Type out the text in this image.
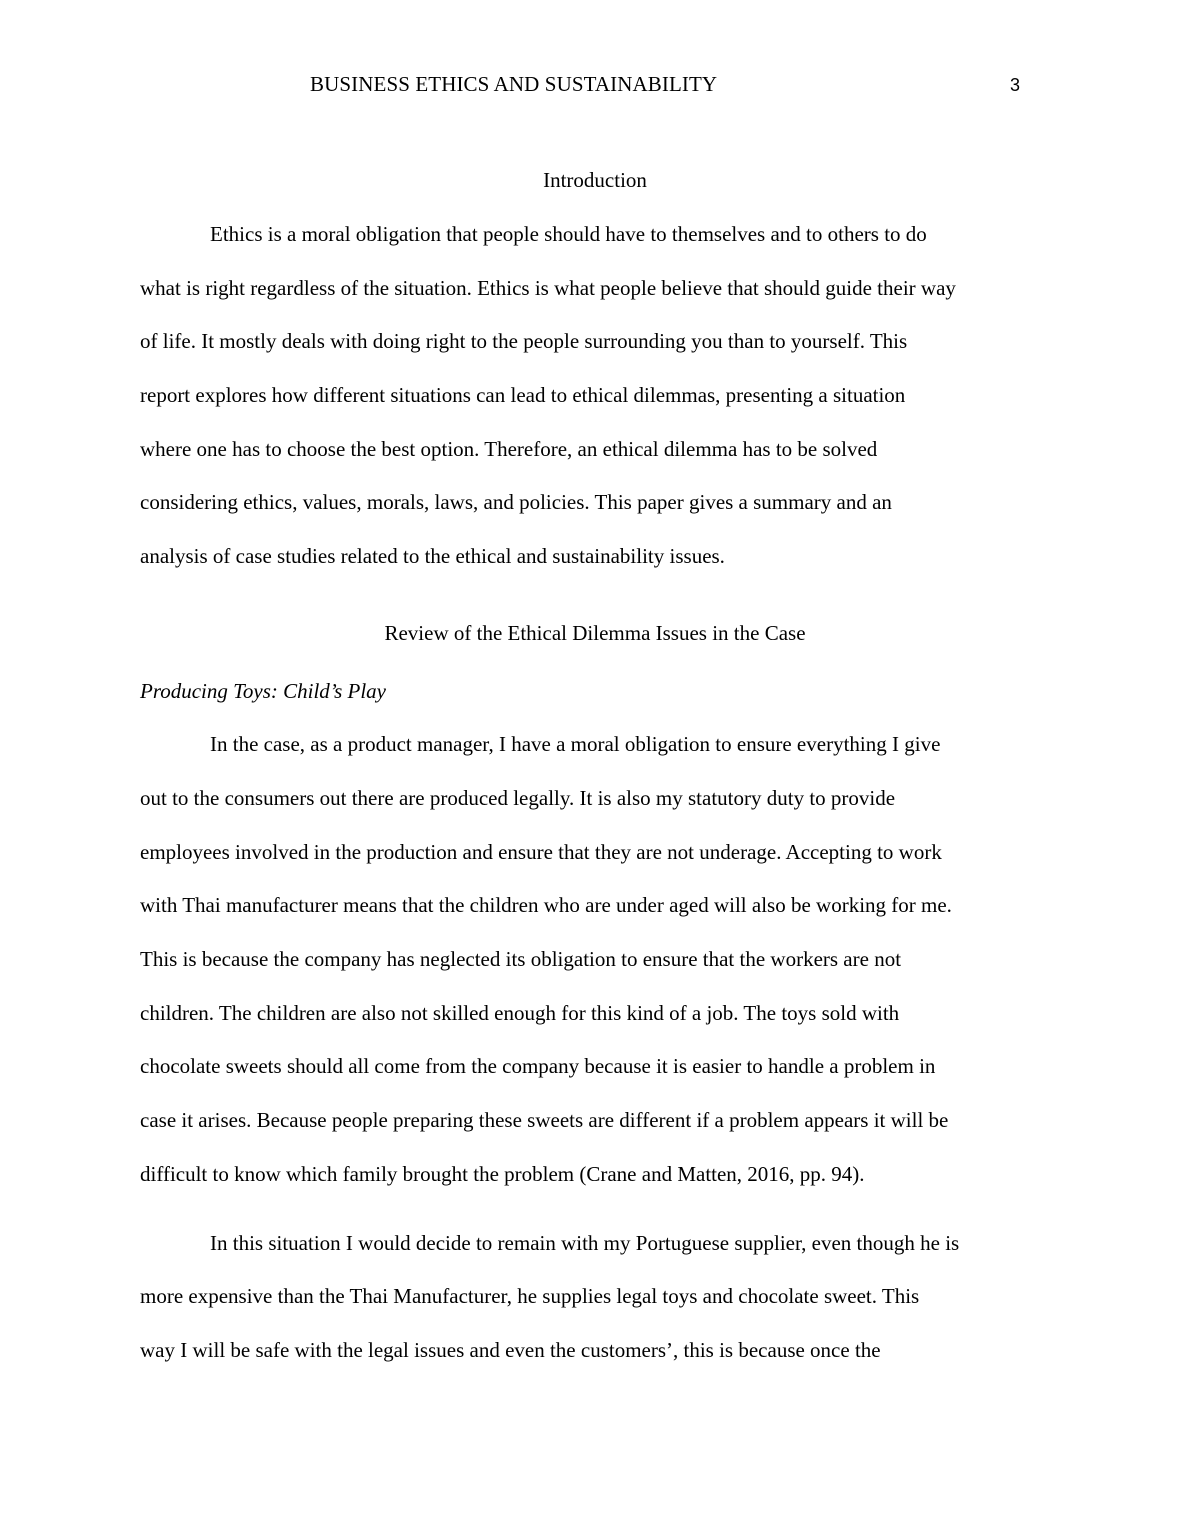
BUSINESS ETHICS AND SUSTAINABILITY	3
Introduction
Ethics is a moral obligation that people should have to themselves and to others to do
what is right regardless of the situation. Ethics is what people believe that should guide their way
of life. It mostly deals with doing right to the people surrounding you than to yourself. This
report explores how different situations can lead to ethical dilemmas, presenting a situation
where one has to choose the best option. Therefore, an ethical dilemma has to be solved
considering ethics, values, morals, laws, and policies. This paper gives a summary and an
analysis of case studies related to the ethical and sustainability issues.
Review of the Ethical Dilemma Issues in the Case
Producing Toys: Child’s Play
In the case, as a product manager, I have a moral obligation to ensure everything I give
out to the consumers out there are produced legally. It is also my statutory duty to provide
employees involved in the production and ensure that they are not underage. Accepting to work
with Thai manufacturer means that the children who are under aged will also be working for me.
This is because the company has neglected its obligation to ensure that the workers are not
children. The children are also not skilled enough for this kind of a job. The toys sold with
chocolate sweets should all come from the company because it is easier to handle a problem in
case it arises. Because people preparing these sweets are different if a problem appears it will be
difficult to know which family brought the problem (Crane and Matten, 2016, pp. 94).
In this situation I would decide to remain with my Portuguese supplier, even though he is
more expensive than the Thai Manufacturer, he supplies legal toys and chocolate sweet. This
way I will be safe with the legal issues and even the customers’, this is because once the
